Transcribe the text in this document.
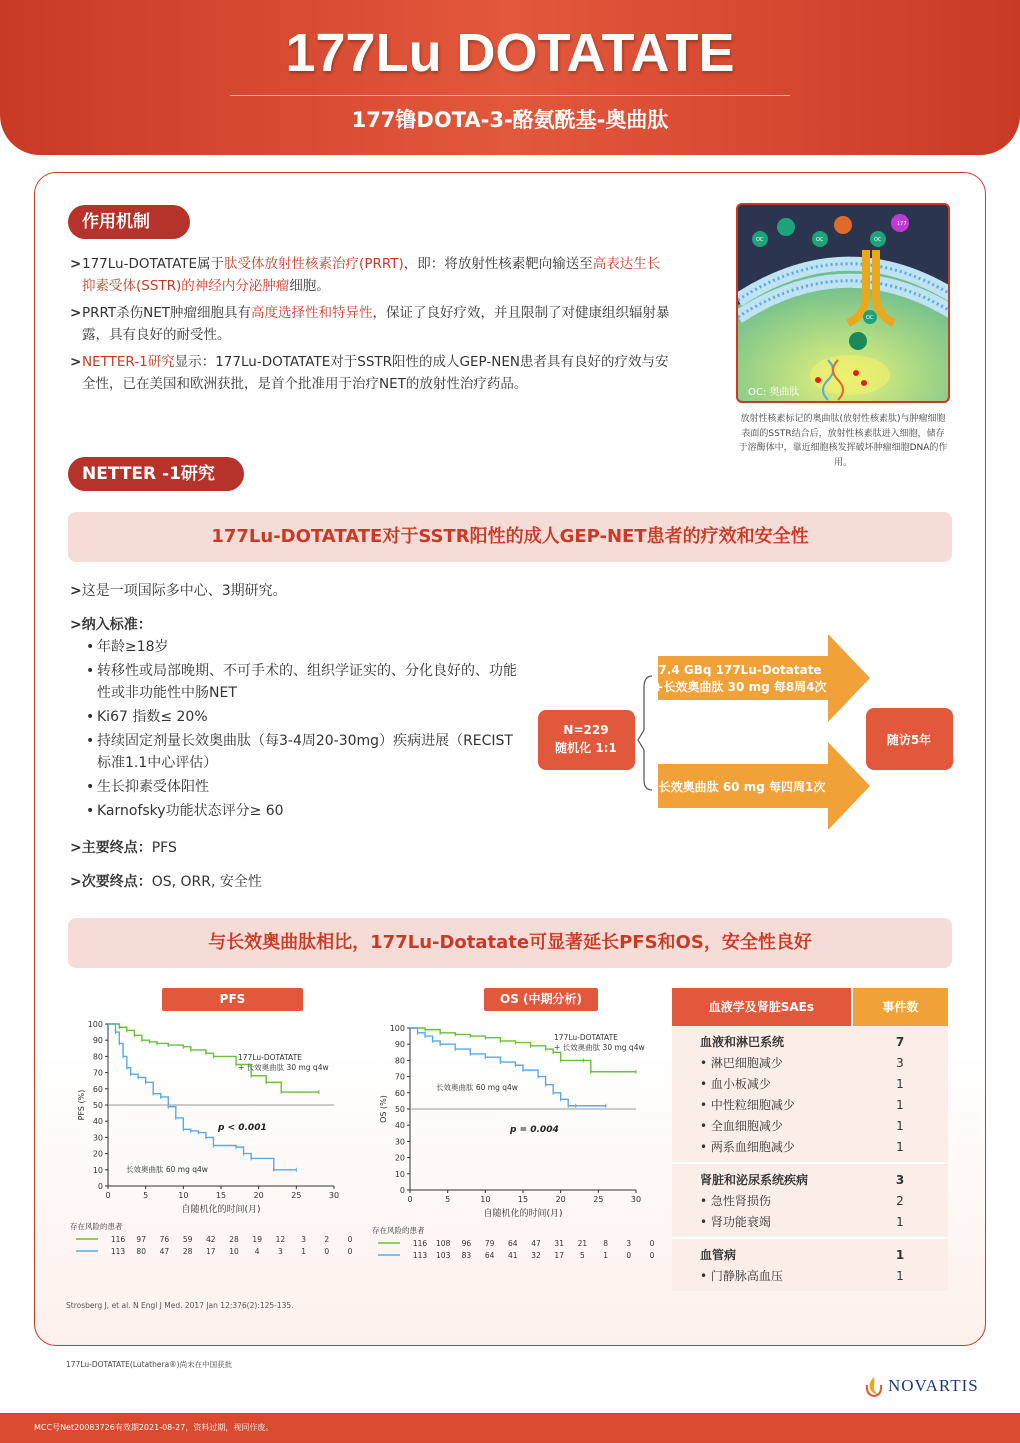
177Lu DOTATATE
177镥DOTA-3-酪氨酰基-奥曲肽
作用机制
> 177Lu-DOTATATE属于肽受体放射性核素治疗(PRRT)，即：将放射性核素靶向输送至高表达生长抑素受体(SSTR)的神经内分泌肿瘤细胞。
> PRRT杀伤NET肿瘤细胞具有高度选择性和特异性，保证了良好疗效，并且限制了对健康组织辐射暴露，具有良好的耐受性。
> NETTER-1研究显示：177Lu-DOTATATE对于SSTR阳性的成人GEP-NEN患者具有良好的疗效与安全性，已在美国和欧洲获批，是首个批准用于治疗NET的放射性治疗药品。
OC	OC	OC
OC
177
OC: 奥曲肽
放射性核素标记的奥曲肽(放射性核素肽)与肿瘤细胞表面的SSTR结合后，放射性核素肽进入细胞，储存于溶酶体中，靠近细胞核发挥破坏肿瘤细胞DNA的作用。
NETTER -1研究
177Lu-DOTATATE对于SSTR阳性的成人GEP-NET患者的疗效和安全性
>这是一项国际多中心、3期研究。
>纳入标准：
• 年龄≥18岁
• 转移性或局部晚期、不可手术的、组织学证实的、分化良好的、功能性或非功能性中肠NET
• Ki67 指数≤ 20%
• 持续固定剂量长效奥曲肽（每3-4周20-30mg）疾病进展（RECIST 标准1.1中心评估）
• 生长抑素受体阳性
• Karnofsky功能状态评分≥ 60
>主要终点：PFS
>次要终点：OS, ORR, 安全性
N=229
随机化 1:1
7.4 GBq 177Lu-Dotatate
+长效奥曲肽 30 mg 每8周4次
长效奥曲肽 60 mg 每四周1次
随访5年
与长效奥曲肽相比，177Lu-Dotatate可显著延长PFS和OS，安全性良好
PFS	OS (中期分析)
0
10
20
30
40
50
60
70
80
90
100
0	5	10	15	20	25	30
PFS (%)
自随机化的时间(月)
177Lu-DOTATATE
+ 长效奥曲肽 30 mg q4w
长效奥曲肽 60 mg q4w
p < 0.001
存在风险的患者
116 97 76 59 42 28 19 12 3 2 0
113 80 47 28 17 10 4 3 1 0 0
0
10
20
30
40
50
60
70
80
90
100
0	5	10	15	20	25	30
OS (%)
自随机化的时间(月)
177Lu-DOTATATE
+ 长效奥曲肽 30 mg q4w
长效奥曲肽 60 mg q4w
p = 0.004
存在风险的患者
116 108 96 79 64 47 31 21 8 3 0
113 103 83 64 41 32 17 5 1 0 0
血液学及肾脏SAEs	事件数
血液和淋巴系统	7
• 淋巴细胞减少	3
• 血小板减少	1
• 中性粒细胞减少	1
• 全血细胞减少	1
• 两系血细胞减少	1
肾脏和泌尿系统疾病	3
• 急性肾损伤	2
• 肾功能衰竭	1
血管病	1
• 门静脉高血压	1
Strosberg J, et al. N Engl J Med. 2017 Jan 12;376(2):125-135.
177Lu-DOTATATE(Lutathera®)尚未在中国获批
NOVARTIS
MCC号Net20083726有效期2021-08-27，资料过期，视同作废。
